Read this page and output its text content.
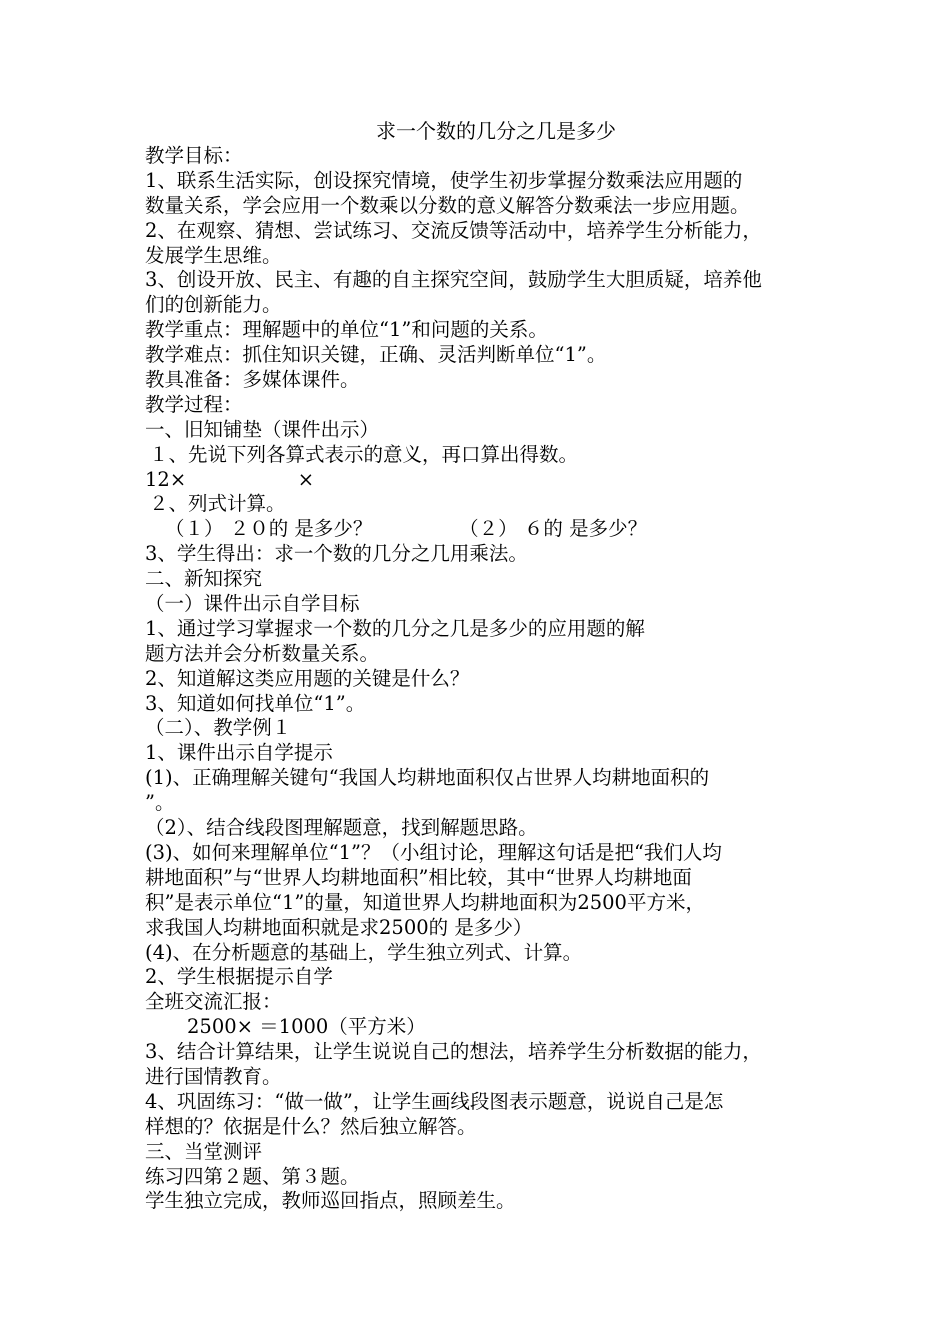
求一个数的几分之几是多少
教学目标：
1、联系生活实际，创设探究情境，使学生初步掌握分数乘法应用题的
数量关系，学会应用一个数乘以分数的意义解答分数乘法一步应用题。
2、在观察、猜想、尝试练习、交流反馈等活动中，培养学生分析能力，
发展学生思维。
3、创设开放、民主、有趣的自主探究空间，鼓励学生大胆质疑，培养他
们的创新能力。
教学重点：理解题中的单位“1”和问题的关系。
教学难点：抓住知识关键，正确、灵活判断单位“1”。
教具准备：多媒体课件。
教学过程：
一、旧知铺垫（课件出示）
１、先说下列各算式表示的意义，再口算出得数。
12×                  ×
２、列式计算。
（１） ２０的 是多少？              （２） ６的 是多少？
3、学生得出：求一个数的几分之几用乘法。
二、新知探究
（一）课件出示自学目标
1、通过学习掌握求一个数的几分之几是多少的应用题的解
题方法并会分析数量关系。
2、知道解这类应用题的关键是什么？
3、知道如何找单位“1”。
（二）、教学例１
1、课件出示自学提示
(1)、正确理解关键句“我国人均耕地面积仅占世界人均耕地面积的
”。
（2）、结合线段图理解题意，找到解题思路。
(3)、如何来理解单位“1”？（小组讨论，理解这句话是把“我们人均
耕地面积”与“世界人均耕地面积”相比较，其中“世界人均耕地面
积”是表示单位“1”的量，知道世界人均耕地面积为2500平方米，
求我国人均耕地面积就是求2500的 是多少）
(4)、在分析题意的基础上，学生独立列式、计算。
2、学生根据提示自学
全班交流汇报：
2500× ＝1000（平方米）
3、结合计算结果，让学生说说自己的想法，培养学生分析数据的能力，
进行国情教育。
4、巩固练习：“做一做”，让学生画线段图表示题意，说说自己是怎
样想的？依据是什么？然后独立解答。
三、当堂测评
练习四第２题、第３题。
学生独立完成，教师巡回指点，照顾差生。
